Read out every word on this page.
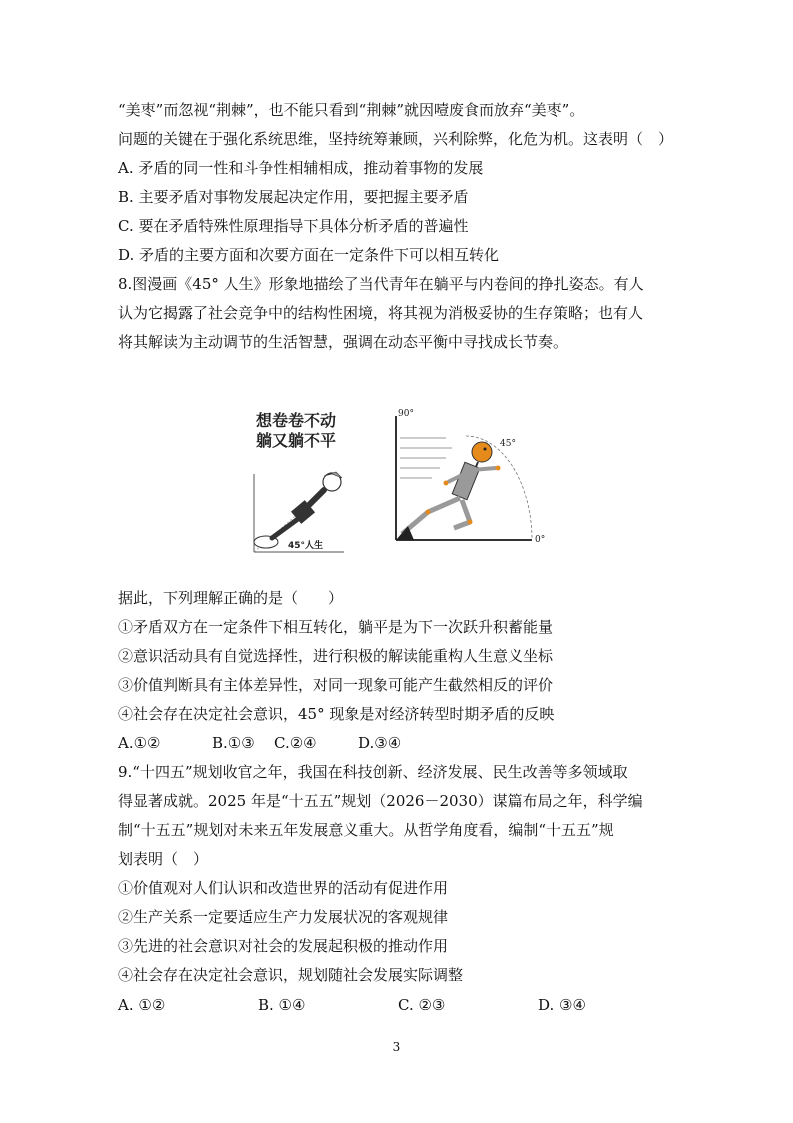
“美枣”而忽视“荆棘”，也不能只看到“荆棘”就因噎废食而放弃“美枣”。
问题的关键在于强化系统思维，坚持统筹兼顾，兴利除弊，化危为机。这表明（　）
A. 矛盾的同一性和斗争性相辅相成，推动着事物的发展
B. 主要矛盾对事物发展起决定作用，要把握主要矛盾
C. 要在矛盾特殊性原理指导下具体分析矛盾的普遍性
D. 矛盾的主要方面和次要方面在一定条件下可以相互转化
8.图漫画《45° 人生》形象地描绘了当代青年在躺平与内卷间的挣扎姿态。有人
认为它揭露了社会竞争中的结构性困境，将其视为消极妥协的生存策略；也有人
将其解读为主动调节的生活智慧，强调在动态平衡中寻找成长节奏。
想卷卷不动
躺又躺不平
45°人生
90°
0°
45°
据此，下列理解正确的是（　　）
①矛盾双方在一定条件下相互转化，躺平是为下一次跃升积蓄能量
②意识活动具有自觉选择性，进行积极的解读能重构人生意义坐标
③价值判断具有主体差异性，对同一现象可能产生截然相反的评价
④社会存在决定社会意识，45° 现象是对经济转型时期矛盾的反映
A.①②	B.①③ C.②④	D.③④
9.“十四五”规划收官之年，我国在科技创新、经济发展、民生改善等多领域取
得显著成就。2025 年是“十五五”规划（2026－2030）谋篇布局之年，科学编
制“十五五”规划对未来五年发展意义重大。从哲学角度看，编制“十五五”规
划表明（　）
①价值观对人们认识和改造世界的活动有促进作用
②生产关系一定要适应生产力发展状况的客观规律
③先进的社会意识对社会的发展起积极的推动作用
④社会存在决定社会意识，规划随社会发展实际调整
A. ①②	B. ①④	C. ②③	D. ③④
3
